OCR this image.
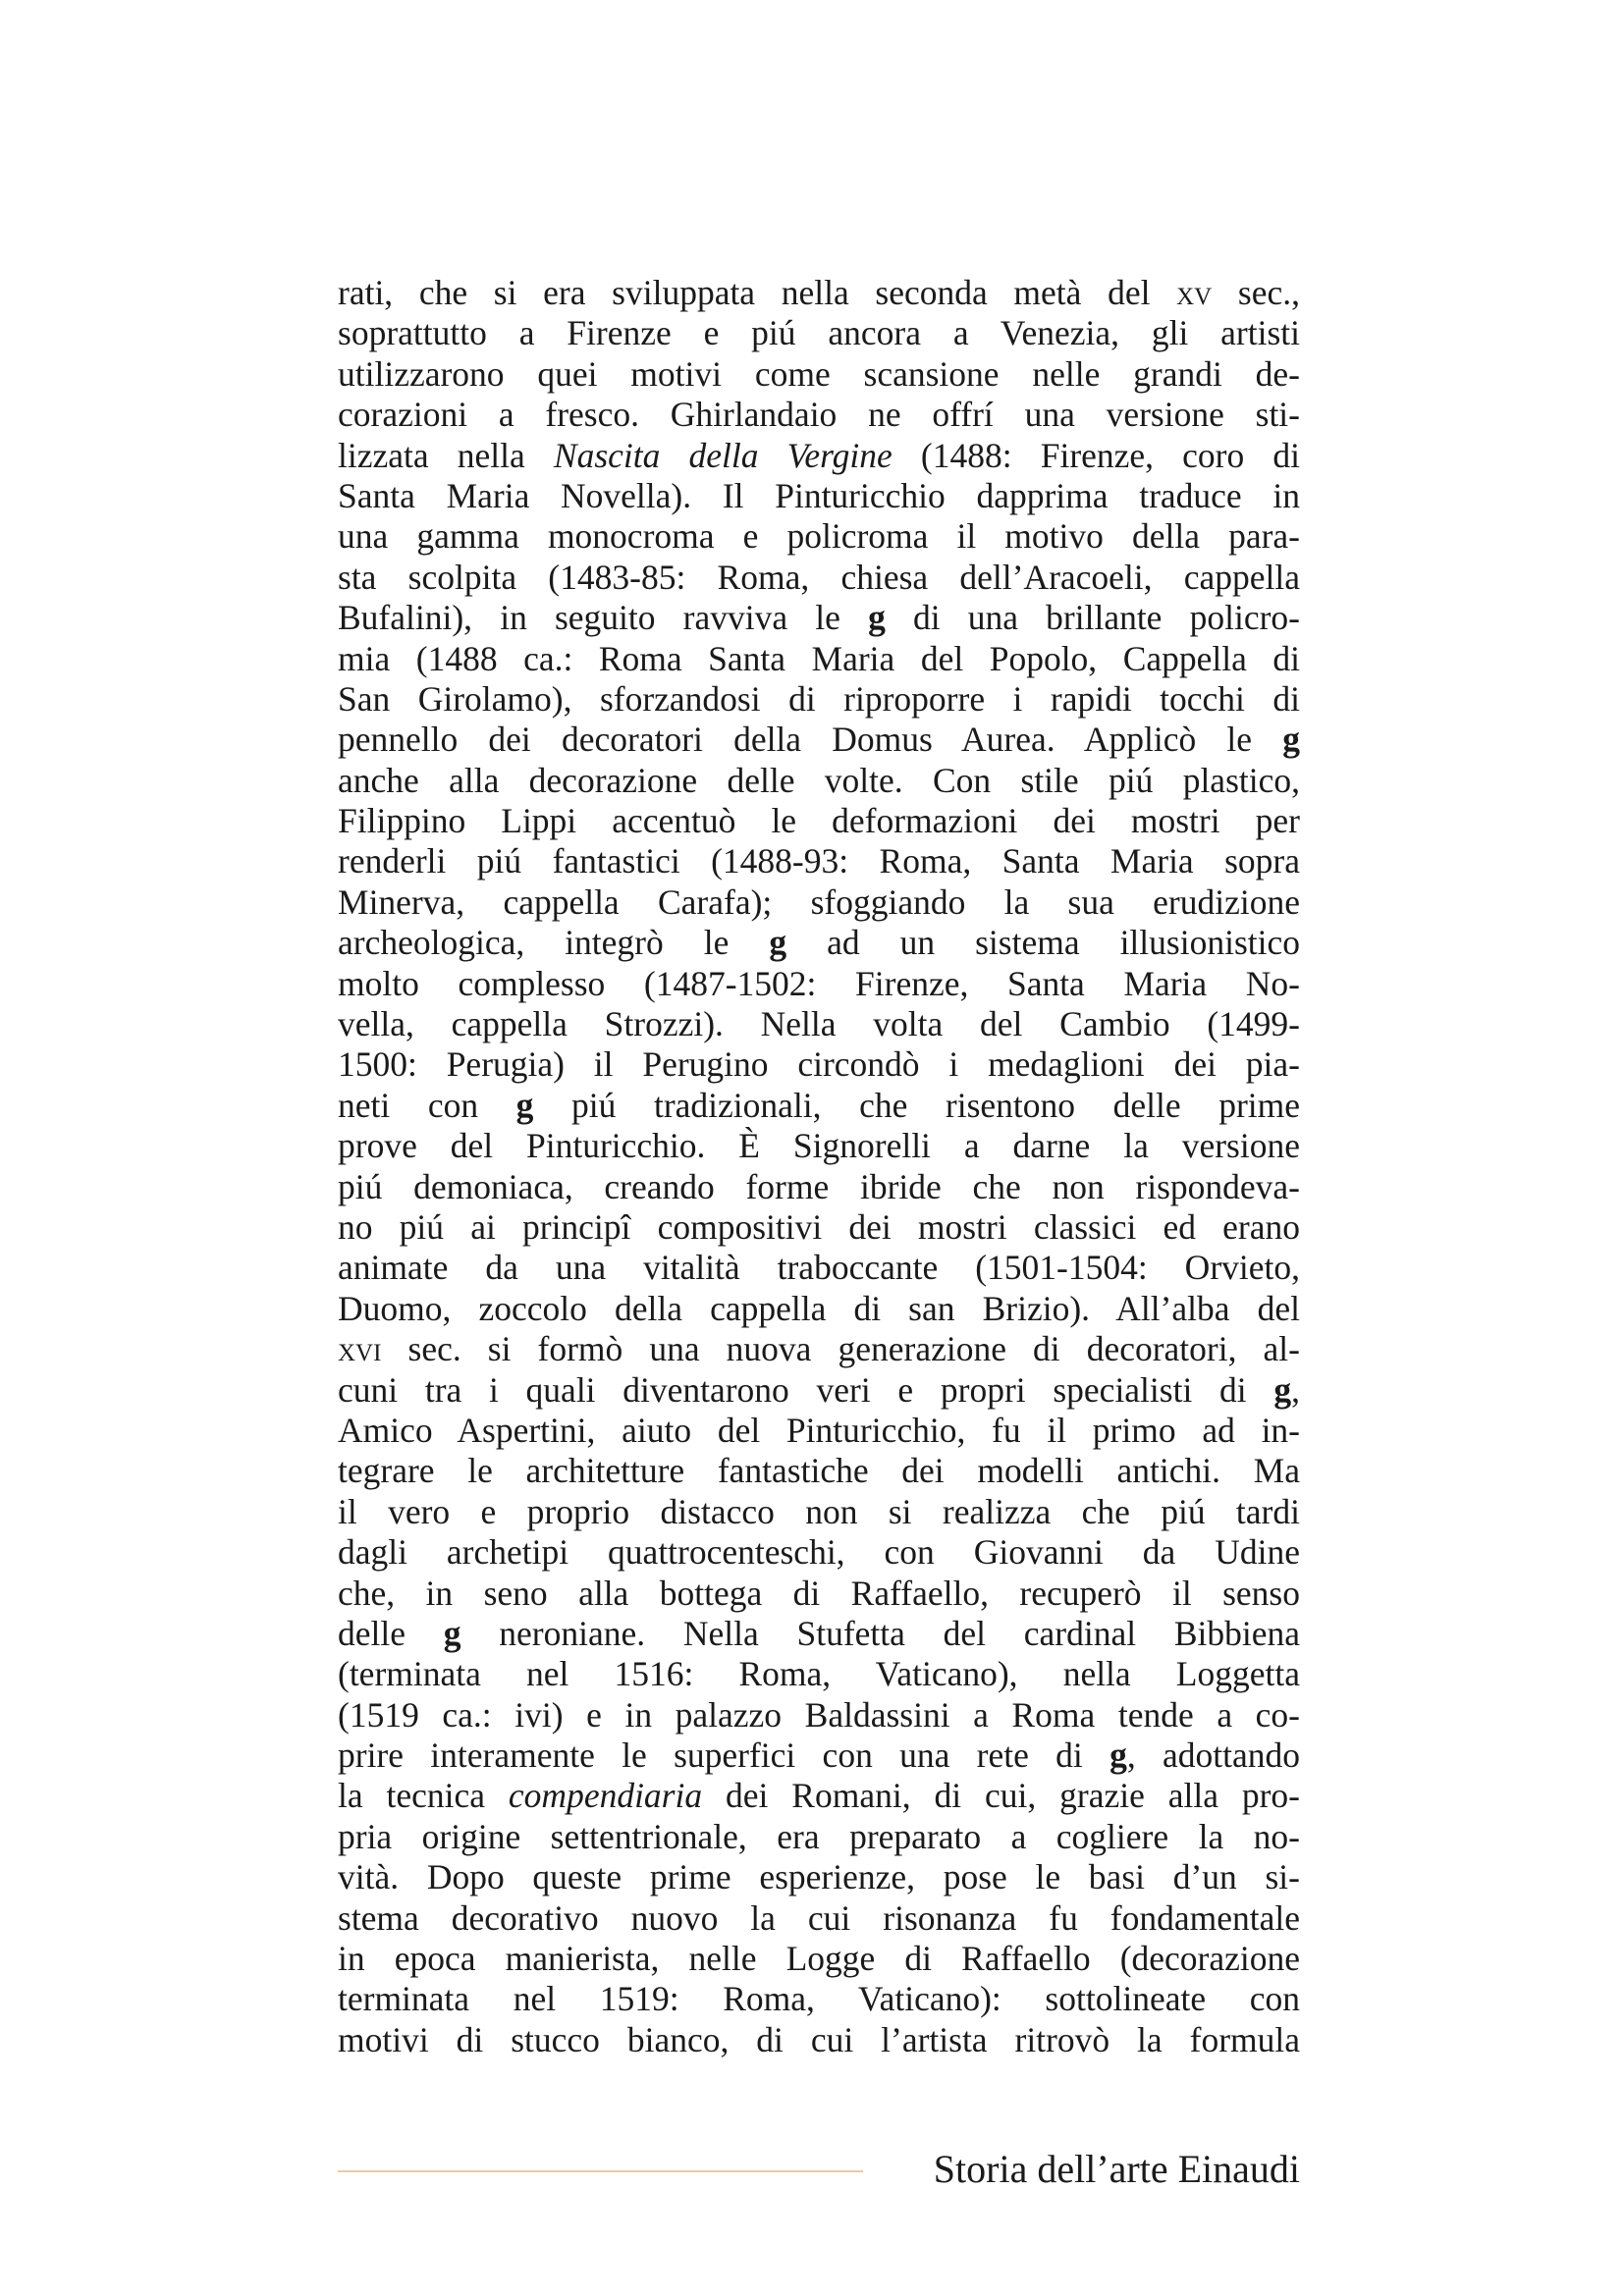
rati, che si era sviluppata nella seconda metà del xv sec.,
soprattutto a Firenze e piú ancora a Venezia, gli artisti
utilizzarono quei motivi come scansione nelle grandi de-
corazioni a fresco. Ghirlandaio ne offrí una versione sti-
lizzata nella Nascita della Vergine (1488: Firenze, coro di
Santa Maria Novella). Il Pinturicchio dapprima traduce in
una gamma monocroma e policroma il motivo della para-
sta scolpita (1483-85: Roma, chiesa dell’Aracoeli, cappella
Bufalini), in seguito ravviva le g di una brillante policro-
mia (1488 ca.: Roma Santa Maria del Popolo, Cappella di
San Girolamo), sforzandosi di riproporre i rapidi tocchi di
pennello dei decoratori della Domus Aurea. Applicò le g
anche alla decorazione delle volte. Con stile piú plastico,
Filippino Lippi accentuò le deformazioni dei mostri per
renderli piú fantastici (1488-93: Roma, Santa Maria sopra
Minerva, cappella Carafa); sfoggiando la sua erudizione
archeologica, integrò le g ad un sistema illusionistico
molto complesso (1487-1502: Firenze, Santa Maria No-
vella, cappella Strozzi). Nella volta del Cambio (1499-
1500: Perugia) il Perugino circondò i medaglioni dei pia-
neti con g piú tradizionali, che risentono delle prime
prove del Pinturicchio. È Signorelli a darne la versione
piú demoniaca, creando forme ibride che non rispondeva-
no piú ai principî compositivi dei mostri classici ed erano
animate da una vitalità traboccante (1501-1504: Orvieto,
Duomo, zoccolo della cappella di san Brizio). All’alba del
xvi sec. si formò una nuova generazione di decoratori, al-
cuni tra i quali diventarono veri e propri specialisti di g,
Amico Aspertini, aiuto del Pinturicchio, fu il primo ad in-
tegrare le architetture fantastiche dei modelli antichi. Ma
il vero e proprio distacco non si realizza che piú tardi
dagli archetipi quattrocenteschi, con Giovanni da Udine
che, in seno alla bottega di Raffaello, recuperò il senso
delle g neroniane. Nella Stufetta del cardinal Bibbiena
(terminata nel 1516: Roma, Vaticano), nella Loggetta
(1519 ca.: ivi) e in palazzo Baldassini a Roma tende a co-
prire interamente le superfici con una rete di g, adottando
la tecnica compendiaria dei Romani, di cui, grazie alla pro-
pria origine settentrionale, era preparato a cogliere la no-
vità. Dopo queste prime esperienze, pose le basi d’un si-
stema decorativo nuovo la cui risonanza fu fondamentale
in epoca manierista, nelle Logge di Raffaello (decorazione
terminata nel 1519: Roma, Vaticano): sottolineate con
motivi di stucco bianco, di cui l’artista ritrovò la formula
Storia dell’arte Einaudi
